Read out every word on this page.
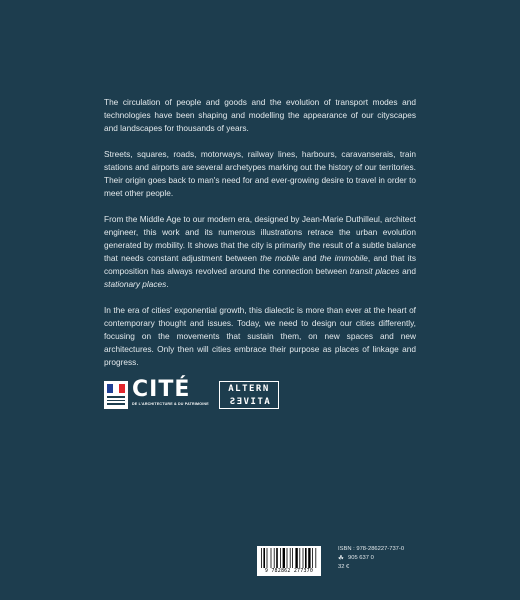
The circulation of people and goods and the evolution of transport modes and technologies have been shaping and modelling the appearance of our cityscapes and landscapes for thousands of years.

Streets, squares, roads, motorways, railway lines, harbours, caravanserais, train stations and airports are several archetypes marking out the history of our territories. Their origin goes back to man's need for and ever-growing desire to travel in order to meet other people.

From the Middle Age to our modern era, designed by Jean-Marie Duthilleul, architect engineer, this work and its numerous illustrations retrace the urban evolution generated by mobility. It shows that the city is primarily the result of a subtle balance that needs constant adjustment between the mobile and the immobile, and that its composition has always revolved around the connection between transit places and stationary places.

In the era of cities' exponential growth, this dialectic is more than ever at the heart of contemporary thought and issues. Today, we need to design our cities differently, focusing on the movements that sustain them, on new spaces and new architectures. Only then will cities embrace their purpose as places of linkage and progress.

CITÉ
DE L'ARCHITECTURE & DU PATRIMOINE
ALTERN
ATIVES
9 782862 277370
ISBN : 978-286227-737-0
☘ 905 637 0
32 €
